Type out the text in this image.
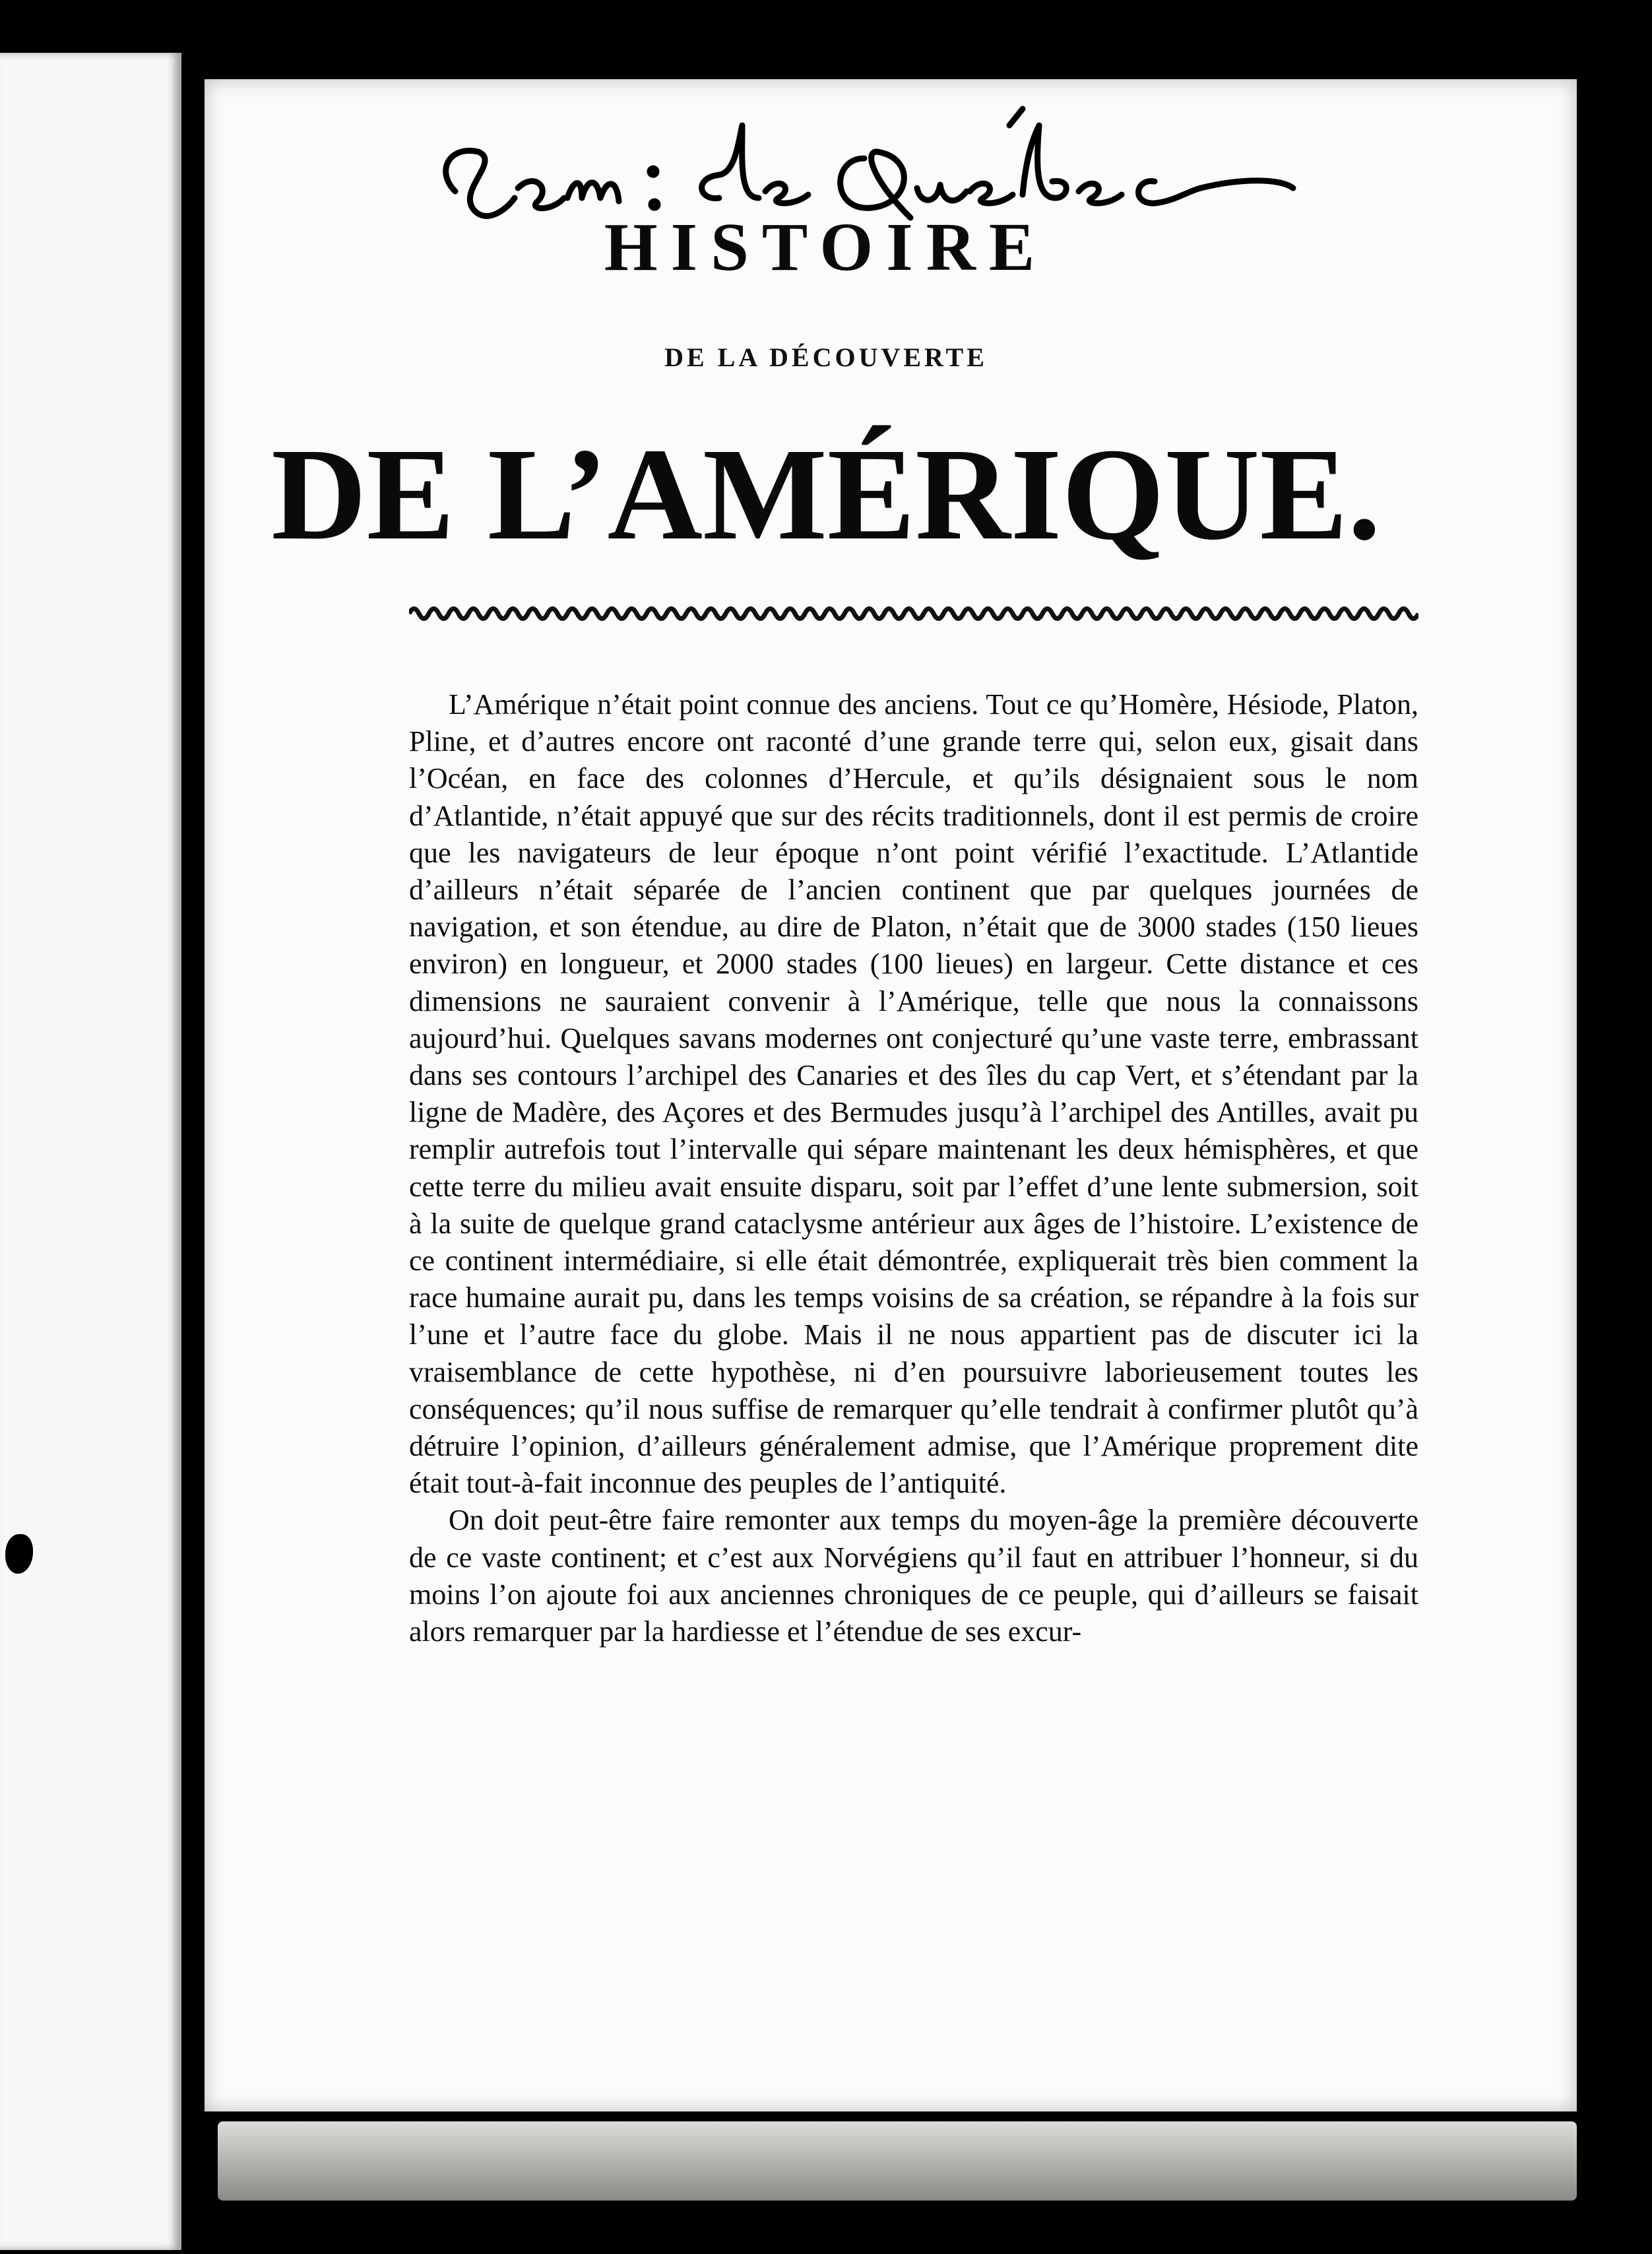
HISTOIRE
DE LA DÉCOUVERTE
DE L’AMÉRIQUE.

L’Amérique n’était point connue des anciens. Tout ce qu’Homère, Hésiode, Platon, Pline, et d’autres encore ont raconté d’une grande terre qui, selon eux, gisait dans l’Océan, en face des colonnes d’Hercule, et qu’ils désignaient sous le nom d’Atlantide, n’était appuyé que sur des récits traditionnels, dont il est permis de croire que les navigateurs de leur époque n’ont point vérifié l’exactitude. L’Atlantide d’ailleurs n’était séparée de l’ancien continent que par quelques journées de navigation, et son étendue, au dire de Platon, n’était que de 3000 stades (150 lieues environ) en longueur, et 2000 stades (100 lieues) en largeur. Cette distance et ces dimensions ne sauraient convenir à l’Amérique, telle que nous la connaissons aujourd’hui. Quelques savans modernes ont conjecturé qu’une vaste terre, embrassant dans ses contours l’archipel des Canaries et des îles du cap Vert, et s’étendant par la ligne de Madère, des Açores et des Bermudes jusqu’à l’archipel des Antilles, avait pu remplir autrefois tout l’intervalle qui sépare maintenant les deux hémisphères, et que cette terre du milieu avait ensuite disparu, soit par l’effet d’une lente submersion, soit à la suite de quelque grand cataclysme antérieur aux âges de l’histoire. L’existence de ce continent intermédiaire, si elle était démontrée, expliquerait très bien comment la race humaine aurait pu, dans les temps voisins de sa création, se répandre à la fois sur l’une et l’autre face du globe. Mais il ne nous appartient pas de discuter ici la vraisemblance de cette hypothèse, ni d’en poursuivre laborieusement toutes les conséquences; qu’il nous suffise de remarquer qu’elle tendrait à confirmer plutôt qu’à détruire l’opinion, d’ailleurs généralement admise, que l’Amérique proprement dite était tout-à-fait inconnue des peuples de l’antiquité.

On doit peut-être faire remonter aux temps du moyen-âge la première découverte de ce vaste continent; et c’est aux Norvégiens qu’il faut en attribuer l’honneur, si du moins l’on ajoute foi aux anciennes chroniques de ce peuple, qui d’ailleurs se faisait alors remarquer par la hardiesse et l’étendue de ses excur-
